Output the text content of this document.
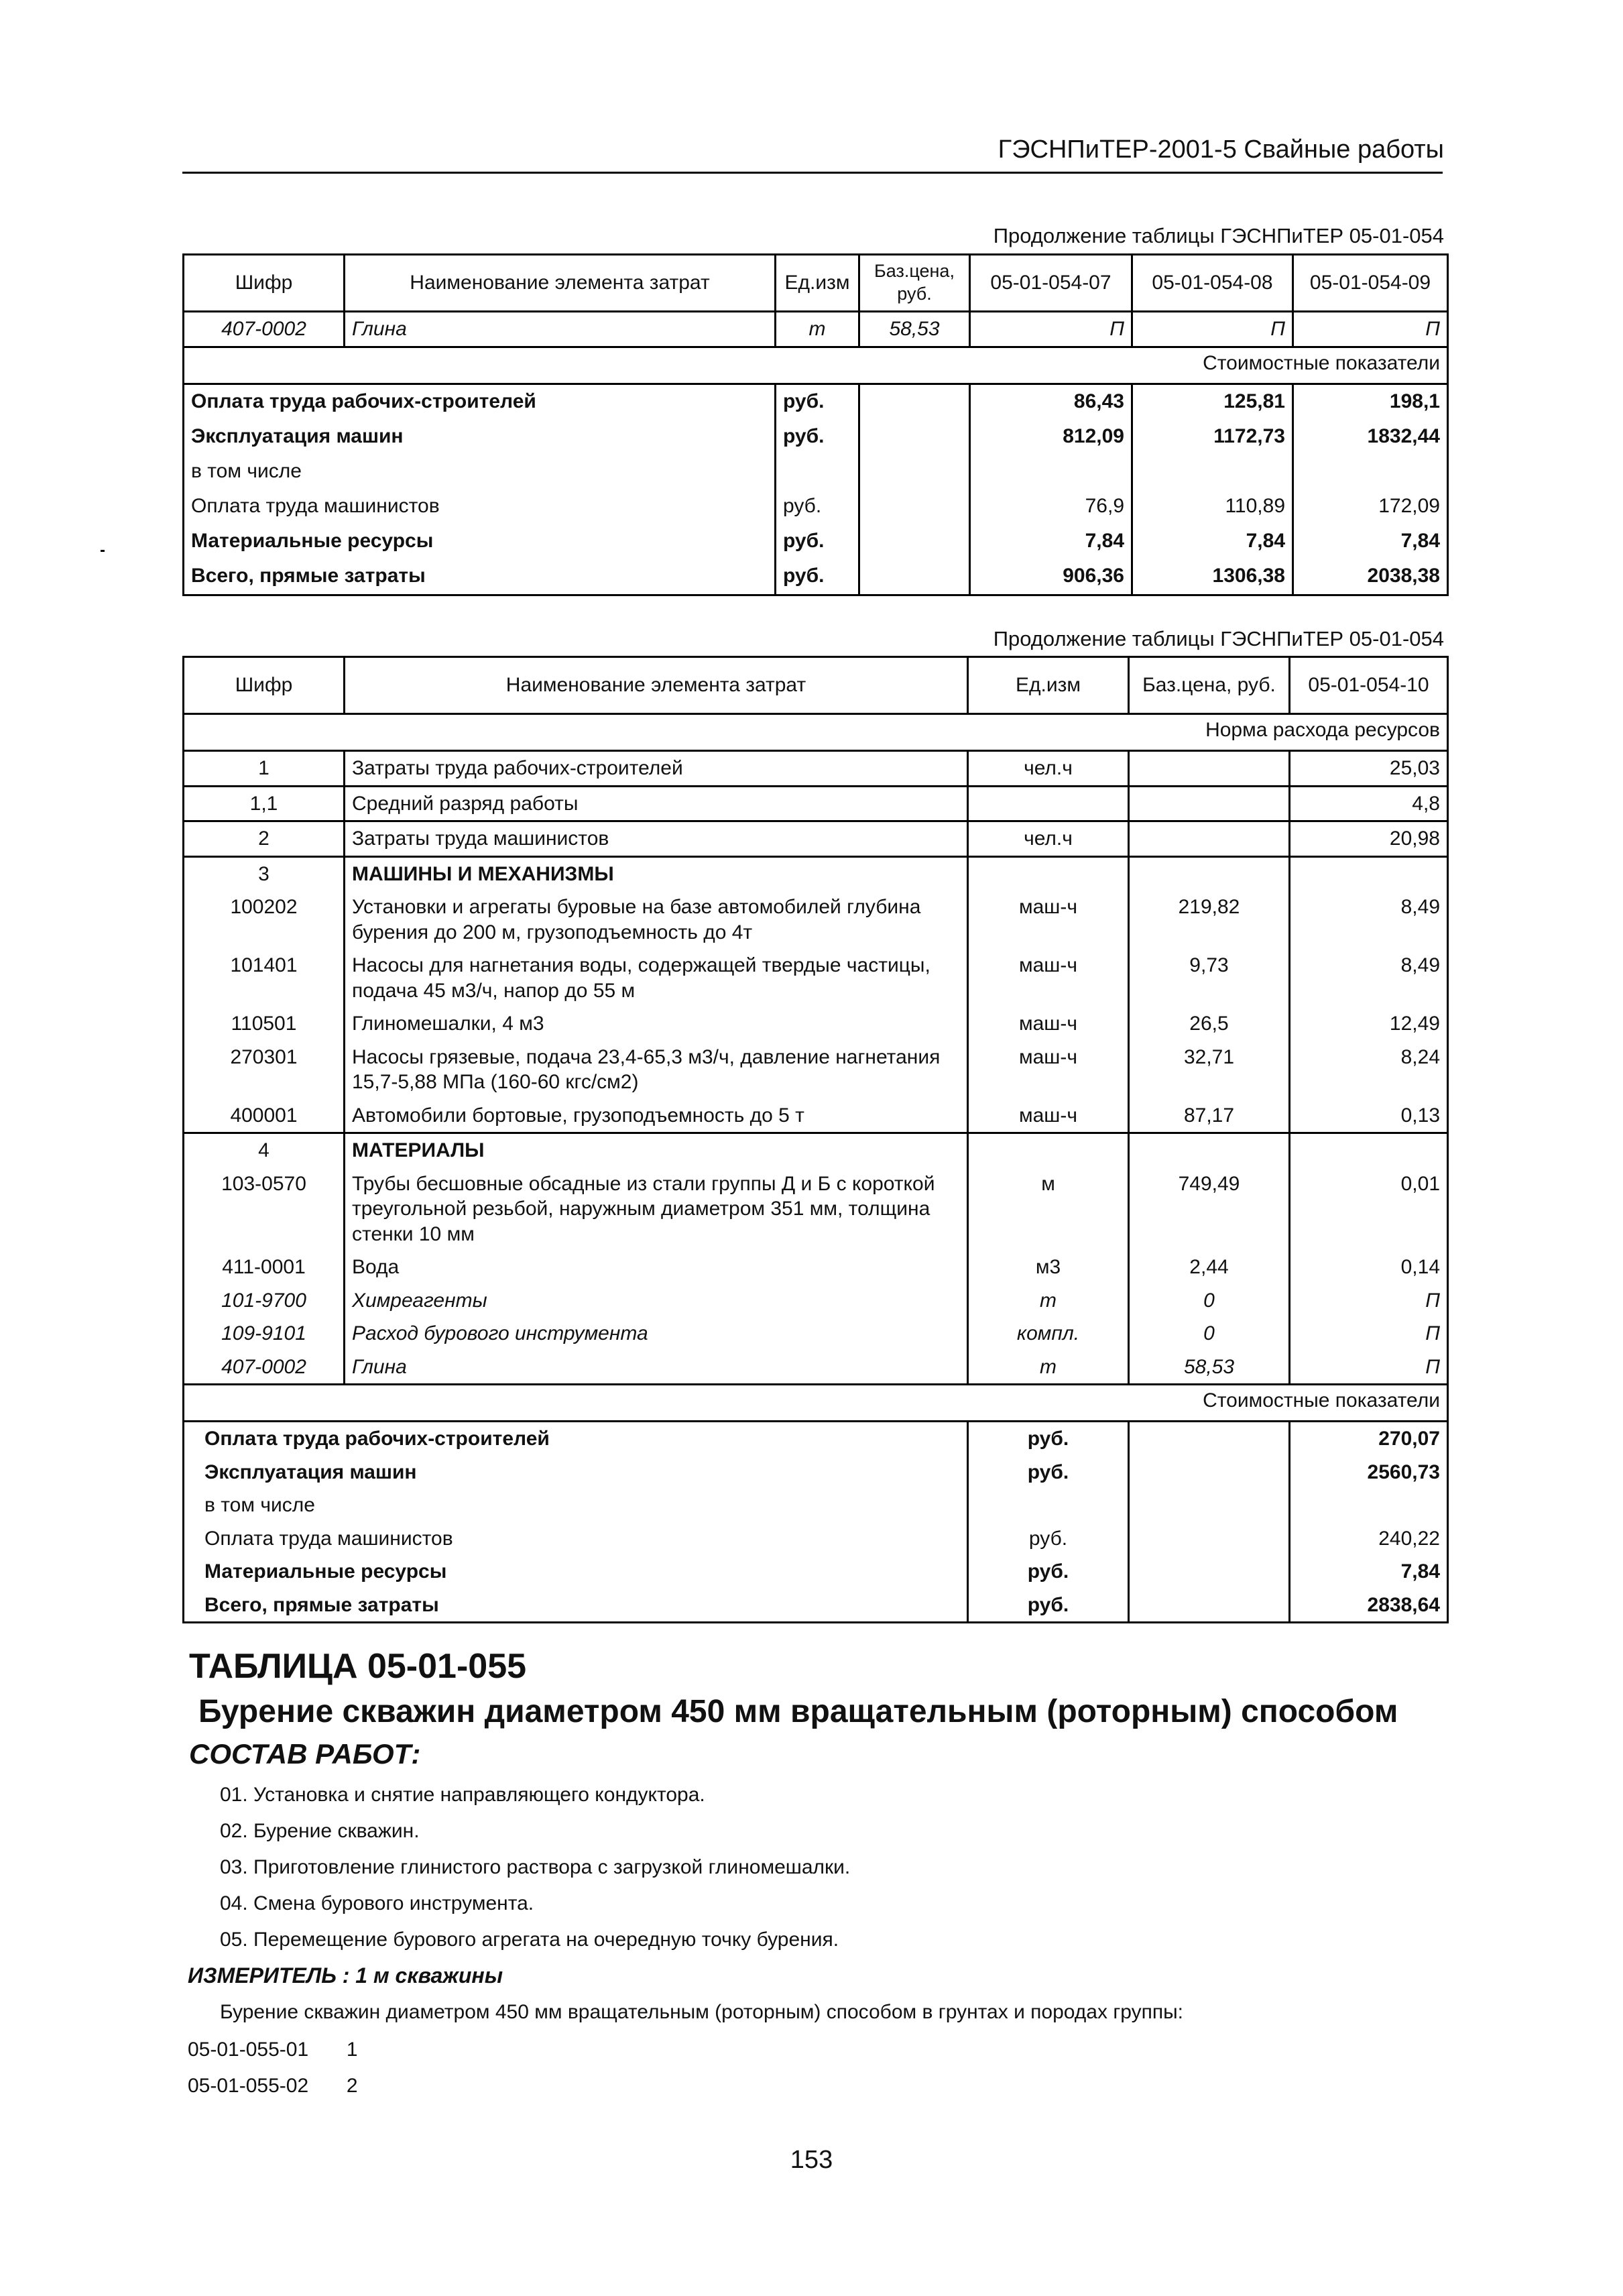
ГЭСНПиТЕР-2001-5 Свайные работы
Продолжение таблицы ГЭСНПиТЕР 05-01-054
Шифр	Наименование элемента затрат	Ед.изм	Баз.цена, руб.	05-01-054-07	05-01-054-08	05-01-054-09
407-0002	Глина	т	58,53	П	П	П
Стоимостные показатели						
Оплата труда рабочих-строителей		руб.		86,43	125,81	198,1
Эксплуатация машин		руб.		812,09	1172,73	1832,44
в том числе						
Оплата труда машинистов		руб.		76,9	110,89	172,09
Материальные ресурсы		руб.		7,84	7,84	7,84
Всего, прямые затраты		руб.		906,36	1306,38	2038,38
Продолжение таблицы ГЭСНПиТЕР 05-01-054
Шифр	Наименование элемента затрат	Ед.изм	Баз.цена, руб.	05-01-054-10
Норма расхода ресурсов				
1	Затраты труда рабочих-строителей	чел.ч		25,03
1,1	Средний разряд работы			4,8
2	Затраты труда машинистов	чел.ч		20,98
3	МАШИНЫ И МЕХАНИЗМЫ			
100202	Установки и агрегаты буровые на базе автомобилей глубина бурения до 200 м, грузоподъемность до 4т	маш-ч	219,82	8,49
101401	Насосы для нагнетания воды, содержащей твердые частицы, подача 45 м3/ч, напор до 55 м	маш-ч	9,73	8,49
110501	Глиномешалки, 4 м3	маш-ч	26,5	12,49
270301	Насосы грязевые, подача 23,4-65,3 м3/ч, давление нагнетания 15,7-5,88 МПа (160-60 кгс/см2)	маш-ч	32,71	8,24
400001	Автомобили бортовые, грузоподъемность до 5 т	маш-ч	87,17	0,13
4	МАТЕРИАЛЫ			
103-0570	Трубы бесшовные обсадные из стали группы Д и Б с короткой треугольной резьбой, наружным диаметром 351 мм, толщина стенки 10 мм	м	749,49	0,01
411-0001	Вода	м3	2,44	0,14
101-9700	Химреагенты	т	0	П
109-9101	Расход бурового инструмента	компл.	0	П
407-0002	Глина	т	58,53	П
Стоимостные показатели				
Оплата труда рабочих-строителей		руб.		270,07
Эксплуатация машин		руб.		2560,73
в том числе				
Оплата труда машинистов		руб.		240,22
Материальные ресурсы		руб.		7,84
Всего, прямые затраты		руб.		2838,64
ТАБЛИЦА 05-01-055
Бурение скважин диаметром 450 мм вращательным (роторным) способом
СОСТАВ РАБОТ:
01. Установка и снятие направляющего кондуктора.
02. Бурение скважин.
03. Приготовление глинистого раствора с загрузкой глиномешалки.
04. Смена бурового инструмента.
05. Перемещение бурового агрегата на очередную точку бурения.
ИЗМЕРИТЕЛЬ : 1 м скважины
Бурение скважин диаметром 450 мм вращательным (роторным) способом в грунтах и породах группы:
05-01-055-01 1
05-01-055-02 2
153
